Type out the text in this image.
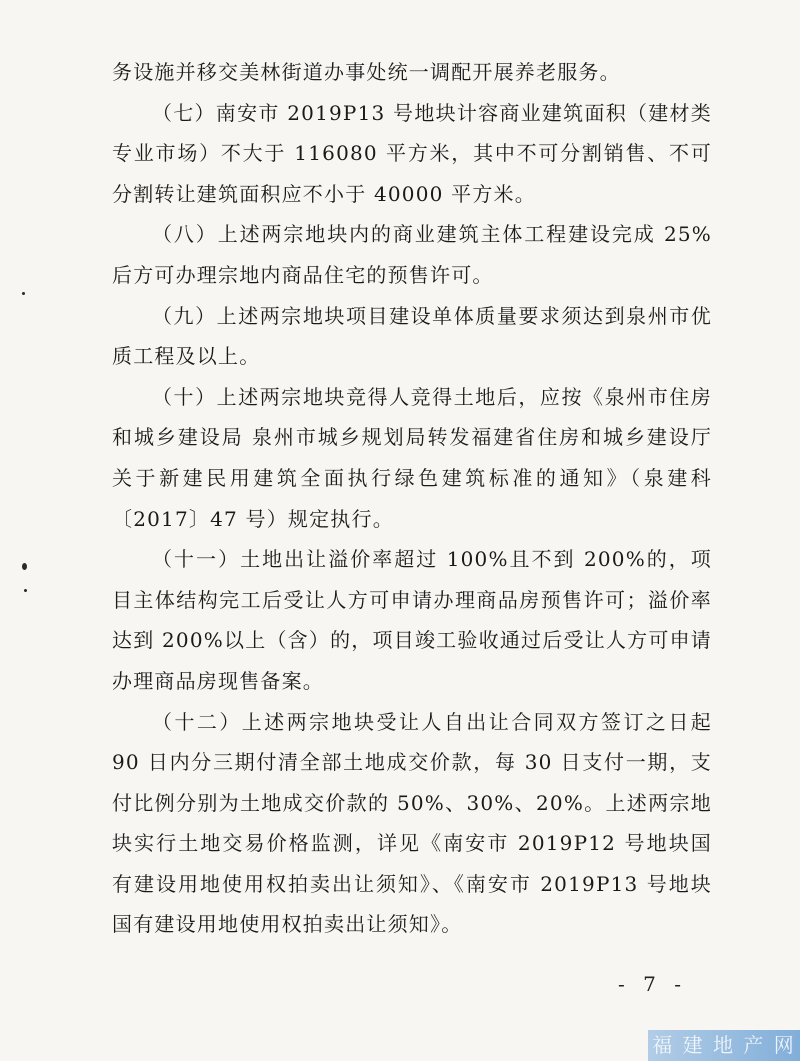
务设施并移交美林街道办事处统一调配开展养老服务。

（七）南安市 2019P13 号地块计容商业建筑面积（建材类专业市场）不大于 116080 平方米，其中不可分割销售、不可分割转让建筑面积应不小于 40000 平方米。

（八）上述两宗地块内的商业建筑主体工程建设完成 25% 后方可办理宗地内商品住宅的预售许可。

（九）上述两宗地块项目建设单体质量要求须达到泉州市优质工程及以上。

（十）上述两宗地块竞得人竞得土地后，应按《泉州市住房和城乡建设局 泉州市城乡规划局转发福建省住房和城乡建设厅关于新建民用建筑全面执行绿色建筑标准的通知》（泉建科〔2017〕47 号）规定执行。

（十一）土地出让溢价率超过 100%且不到 200%的，项目主体结构完工后受让人方可申请办理商品房预售许可；溢价率达到 200%以上（含）的，项目竣工验收通过后受让人方可申请办理商品房现售备案。

（十二）上述两宗地块受让人自出让合同双方签订之日起 90 日内分三期付清全部土地成交价款，每 30 日支付一期，支付比例分别为土地成交价款的 50%、30%、20%。上述两宗地块实行土地交易价格监测，详见《南安市 2019P12 号地块国有建设用地使用权拍卖出让须知》、《南安市 2019P13 号地块国有建设用地使用权拍卖出让须知》。

- 7 -
福 建 地 产 网
